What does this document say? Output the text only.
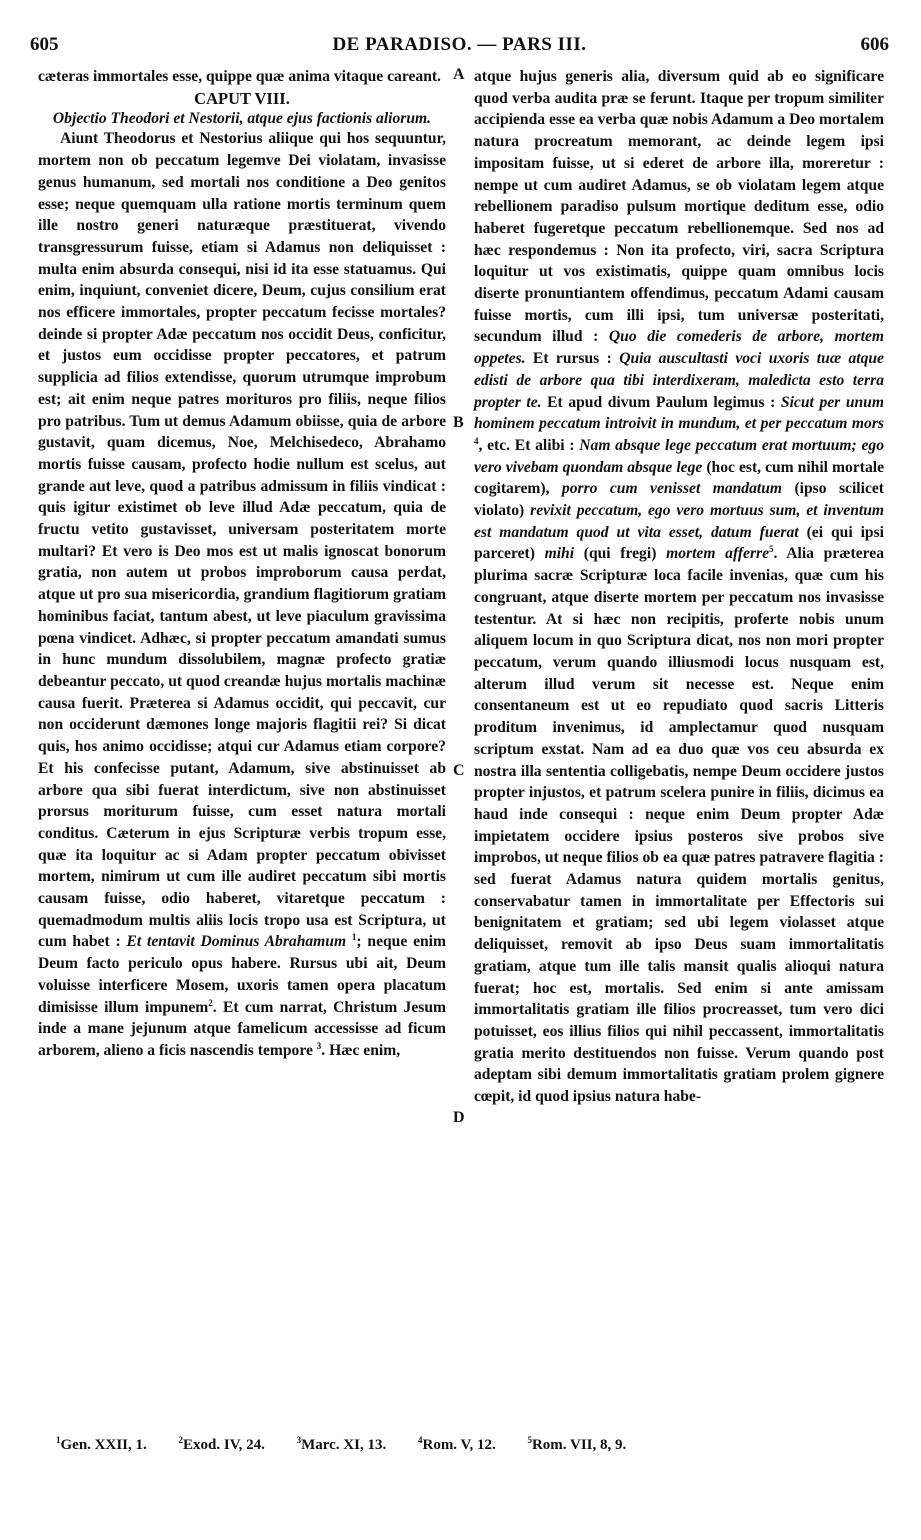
605	DE PARADISO. — PARS III.	606

cæteras immortales esse, quippe quæ anima vitaque careant.

CAPUT VIII.

Objectio Theodori et Nestorii, atque ejus factionis aliorum.

Aiunt Theodorus et Nestorius aliique qui hos sequuntur, mortem non ob peccatum legemve Dei violatam, invasisse genus humanum, sed mortali nos conditione a Deo genitos esse; neque quemquam ulla ratione mortis terminum quem ille nostro generi naturæque præstituerat, vivendo transgressurum fuisse, etiam si Adamus non deliquisset : multa enim absurda consequi, nisi id ita esse statuamus. Qui enim, inquiunt, conveniet dicere, Deum, cujus consilium erat nos efficere immortales, propter peccatum fecisse mortales? deinde si propter Adæ peccatum nos occidit Deus, conficitur, et justos eum occidisse propter peccatores, et patrum supplicia ad filios extendisse, quorum utrumque improbum est; ait enim neque patres morituros pro filiis, neque filios pro patribus. Tum ut demus Adamum obiisse, quia de arbore gustavit, quam dicemus, Noe, Melchisedeco, Abrahamo mortis fuisse causam, profecto hodie nullum est scelus, aut grande aut leve, quod a patribus admissum in filiis vindicat : quis igitur existimet ob leve illud Adæ peccatum, quia de fructu vetito gustavisset, universam posteritatem morte multari? Et vero is Deo mos est ut malis ignoscat bonorum gratia, non autem ut probos improborum causa perdat, atque ut pro sua misericordia, grandium flagitiorum gratiam hominibus faciat, tantum abest, ut leve piaculum gravissima pœna vindicet. Adhæc, si propter peccatum amandati sumus in hunc mundum dissolubilem, magnæ profecto gratiæ debeantur peccato, ut quod creandæ hujus mortalis machinæ causa fuerit. Præterea si Adamus occidit, qui peccavit, cur non occiderunt dæmones longe majoris flagitii rei? Si dicat quis, hos animo occidisse; atqui cur Adamus etiam corpore? Et his confecisse putant, Adamum, sive abstinuisset ab arbore qua sibi fuerat interdictum, sive non abstinuisset prorsus moriturum fuisse, cum esset natura mortali conditus. Cæterum in ejus Scripturæ verbis tropum esse, quæ ita loquitur ac si Adam propter peccatum obivisset mortem, nimirum ut cum ille audiret peccatum sibi mortis causam fuisse, odio haberet, vitaretque peccatum : quemadmodum multis aliis locis tropo usa est Scriptura, ut cum habet : Et tentavit Dominus Abrahamum $^1$; neque enim Deum facto periculo opus habere. Rursus ubi ait, Deum voluisse interficere Mosem, uxoris tamen opera placatum dimisisse illum impunem$^2$. Et cum narrat, Christum Jesum inde a mane jejunum atque famelicum accessisse ad ficum arborem, alieno a ficis nascendis tempore $^3$. Hæc enim,

atque hujus generis alia, diversum quid ab eo significare quod verba audita præ se ferunt. Itaque per tropum similiter accipienda esse ea verba quæ nobis Adamum a Deo mortalem natura procreatum memorant, ac deinde legem ipsi impositam fuisse, ut si ederet de arbore illa, moreretur : nempe ut cum audiret Adamus, se ob violatam legem atque rebellionem paradiso pulsum mortique deditum esse, odio haberet fugeretque peccatum rebellionemque. Sed nos ad hæc respondemus : Non ita profecto, viri, sacra Scriptura loquitur ut vos existimatis, quippe quam omnibus locis diserte pronuntiantem offendimus, peccatum Adami causam fuisse mortis, cum illi ipsi, tum universæ posteritati, secundum illud : Quo die comederis de arbore, mortem oppetes. Et rursus : Quia auscultasti voci uxoris tuæ atque edisti de arbore qua tibi interdixeram, maledicta esto terra propter te. Et apud divum Paulum legimus : Sicut per unum hominem peccatum introivit in mundum, et per peccatum mors $^4$, etc. Et alibi : Nam absque lege peccatum erat mortuum; ego vero vivebam quondam absque lege (hoc est, cum nihil mortale cogitarem), porro cum venisset mandatum (ipso scilicet violato) revixit peccatum, ego vero mortuus sum, et inventum est mandatum quod ut vita esset, datum fuerat (ei qui ipsi parceret) mihi (qui fregi) mortem afferre$^5$. Alia præterea plurima sacræ Scripturæ loca facile invenias, quæ cum his congruant, atque diserte mortem per peccatum nos invasisse testentur. At si hæc non recipitis, proferte nobis unum aliquem locum in quo Scriptura dicat, nos non mori propter peccatum, verum quando illiusmodi locus nusquam est, alterum illud verum sit necesse est. Neque enim consentaneum est ut eo repudiato quod sacris Litteris proditum invenimus, id amplectamur quod nusquam scriptum exstat. Nam ad ea duo quæ vos ceu absurda ex nostra illa sententia colligebatis, nempe Deum occidere justos propter injustos, et patrum scelera punire in filiis, dicimus ea haud inde consequi : neque enim Deum propter Adæ impietatem occidere ipsius posteros sive probos sive improbos, ut neque filios ob ea quæ patres patravere flagitia : sed fuerat Adamus natura quidem mortalis genitus, conservabatur tamen in immortalitate per Effectoris sui benignitatem et gratiam; sed ubi legem violasset atque deliquisset, removit ab ipso Deus suam immortalitatis gratiam, atque tum ille talis mansit qualis alioqui natura fuerat; hoc est, mortalis. Sed enim si ante amissam immortalitatis gratiam ille filios procreasset, tum vero dici potuisset, eos illius filios qui nihil peccassent, immortalitatis gratia merito destituendos non fuisse. Verum quando post adeptam sibi demum immortalitatis gratiam prolem gignere cœpit, id quod ipsius natura habe-

A
B
C
D
$^1$Gen. XXII, 1.	$^2$Exod. IV, 24.	$^3$Marc. XI, 13.	$^4$Rom. V, 12.	$^5$Rom. VII, 8, 9.
